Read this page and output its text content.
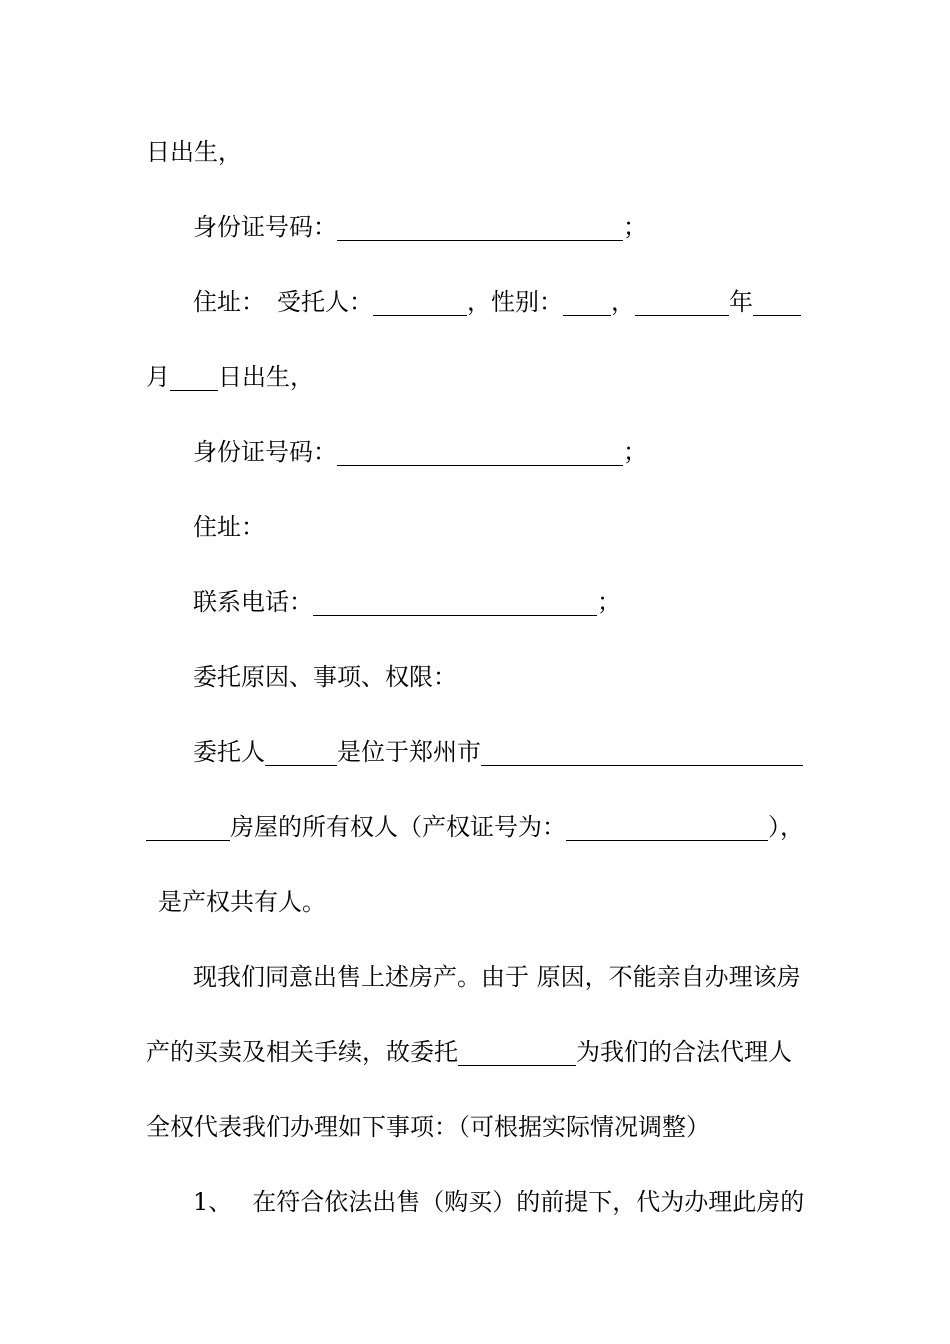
日出生，
身份证号码：	；
住址： 受托人：	，性别： ，	年
月 日出生，
身份证号码：	；
住址：
联系电话：	；
委托原因、事项、权限：
委托人	是位于郑州市
房屋的所有权人（产权证号为：	），
是产权共有人。
现我们同意出售上述房产。由于 原因，不能亲自办理该房
产的买卖及相关手续，故委托	为我们的合法代理人
全权代表我们办理如下事项：（可根据实际情况调整）
1、 在符合依法出售（购买）的前提下，代为办理此房的
